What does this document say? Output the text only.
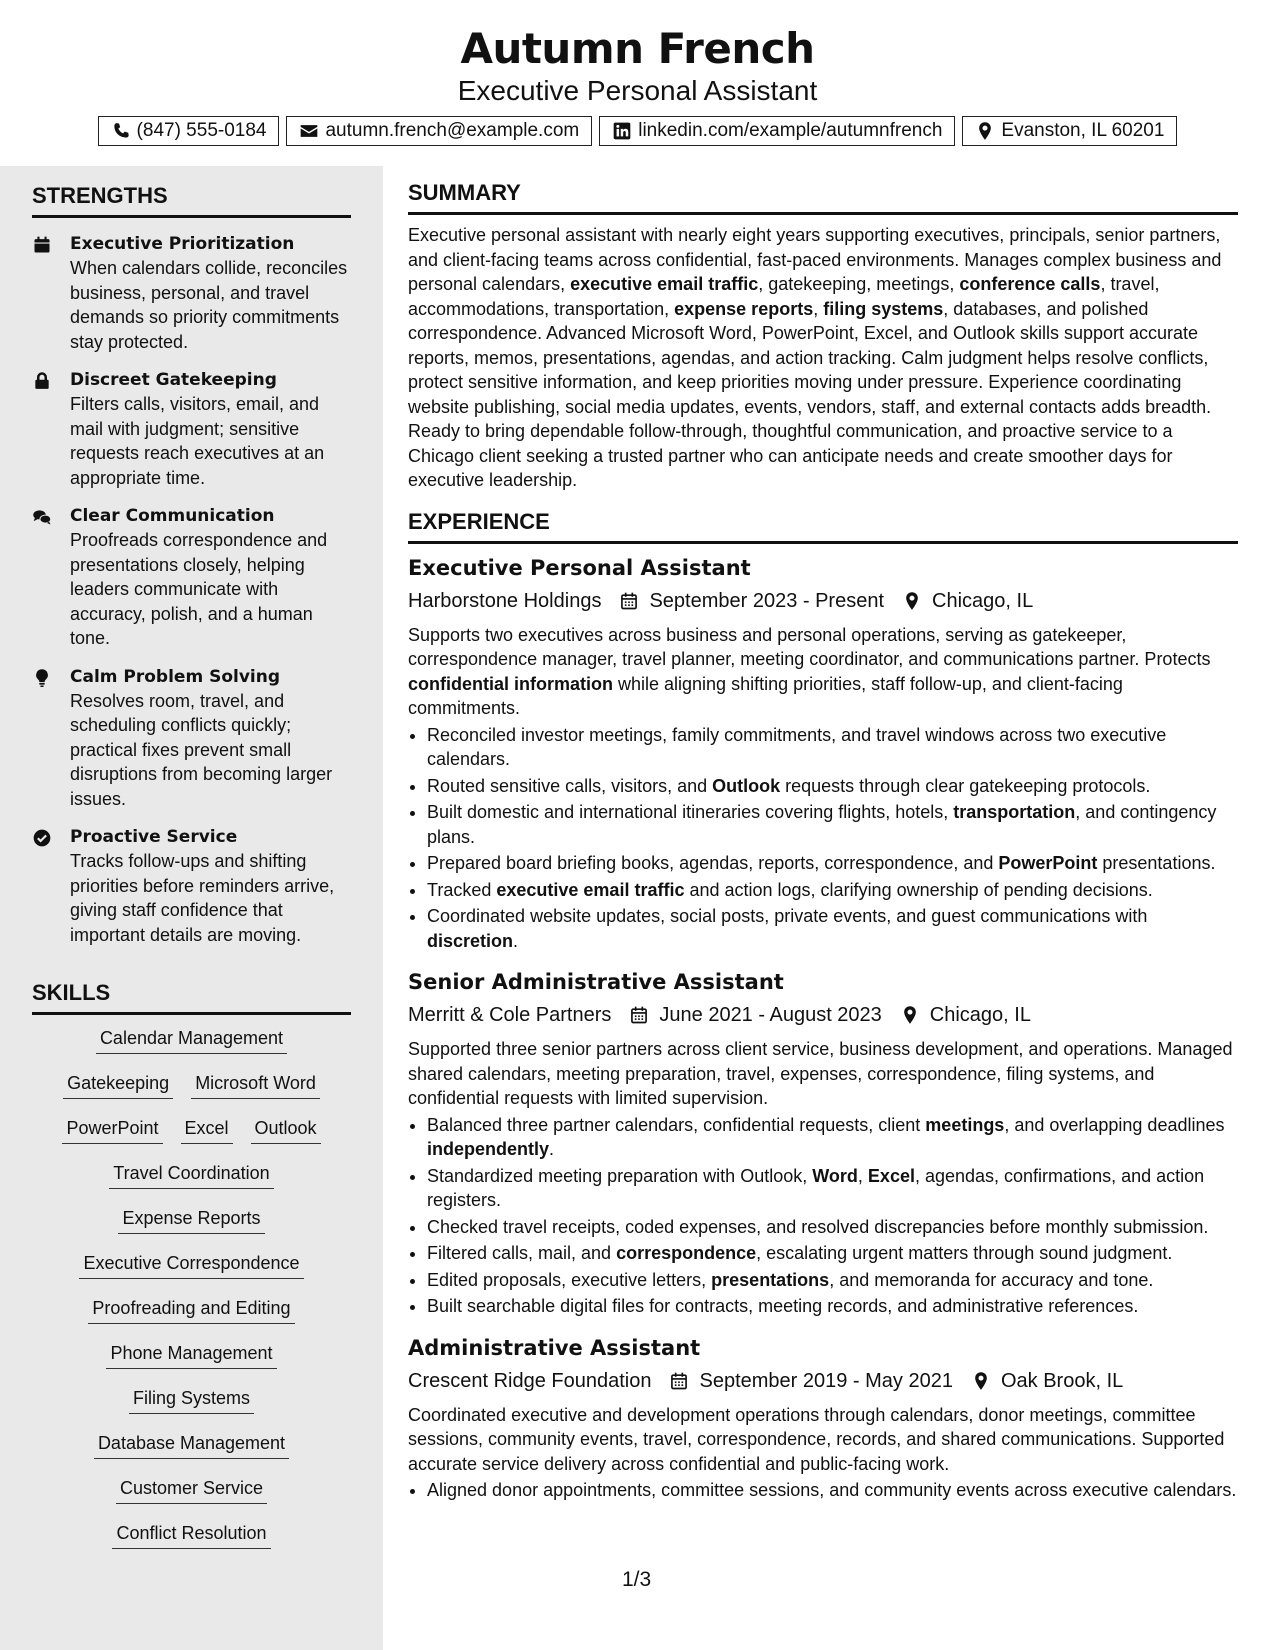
Autumn French
Executive Personal Assistant
(847) 555-0184	autumn.french@example.com	linkedin.com/example/autumnfrench	Evanston, IL 60201
STRENGTHS
Executive Prioritization
When calendars collide, reconciles business, personal, and travel demands so priority commitments stay protected.
Discreet Gatekeeping
Filters calls, visitors, email, and mail with judgment; sensitive requests reach executives at an appropriate time.
Clear Communication
Proofreads correspondence and presentations closely, helping leaders communicate with accuracy, polish, and a human tone.
Calm Problem Solving
Resolves room, travel, and scheduling conflicts quickly; practical fixes prevent small disruptions from becoming larger issues.
Proactive Service
Tracks follow-ups and shifting priorities before reminders arrive, giving staff confidence that important details are moving.
SKILLS
Calendar Management
Gatekeeping Microsoft Word
PowerPoint Excel Outlook
Travel Coordination
Expense Reports
Executive Correspondence
Proofreading and Editing
Phone Management
Filing Systems
Database Management
Customer Service
Conflict Resolution
SUMMARY
Executive personal assistant with nearly eight years supporting executives, principals, senior partners, and client-facing teams across confidential, fast-paced environments. Manages complex business and personal calendars, executive email traffic, gatekeeping, meetings, conference calls, travel, accommodations, transportation, expense reports, filing systems, databases, and polished correspondence. Advanced Microsoft Word, PowerPoint, Excel, and Outlook skills support accurate reports, memos, presentations, agendas, and action tracking. Calm judgment helps resolve conflicts, protect sensitive information, and keep priorities moving under pressure. Experience coordinating website publishing, social media updates, events, vendors, staff, and external contacts adds breadth. Ready to bring dependable follow-through, thoughtful communication, and proactive service to a Chicago client seeking a trusted partner who can anticipate needs and create smoother days for executive leadership.
EXPERIENCE
Executive Personal Assistant
Harborstone Holdings September 2023 - Present Chicago, IL
Supports two executives across business and personal operations, serving as gatekeeper, correspondence manager, travel planner, meeting coordinator, and communications partner. Protects confidential information while aligning shifting priorities, staff follow-up, and client-facing commitments.
• Reconciled investor meetings, family commitments, and travel windows across two executive calendars.
• Routed sensitive calls, visitors, and Outlook requests through clear gatekeeping protocols.
• Built domestic and international itineraries covering flights, hotels, transportation, and contingency plans.
• Prepared board briefing books, agendas, reports, correspondence, and PowerPoint presentations.
• Tracked executive email traffic and action logs, clarifying ownership of pending decisions.
• Coordinated website updates, social posts, private events, and guest communications with discretion.
Senior Administrative Assistant
Merritt & Cole Partners June 2021 - August 2023 Chicago, IL
Supported three senior partners across client service, business development, and operations. Managed shared calendars, meeting preparation, travel, expenses, correspondence, filing systems, and confidential requests with limited supervision.
• Balanced three partner calendars, confidential requests, client meetings, and overlapping deadlines independently.
• Standardized meeting preparation with Outlook, Word, Excel, agendas, confirmations, and action registers.
• Checked travel receipts, coded expenses, and resolved discrepancies before monthly submission.
• Filtered calls, mail, and correspondence, escalating urgent matters through sound judgment.
• Edited proposals, executive letters, presentations, and memoranda for accuracy and tone.
• Built searchable digital files for contracts, meeting records, and administrative references.
Administrative Assistant
Crescent Ridge Foundation September 2019 - May 2021 Oak Brook, IL
Coordinated executive and development operations through calendars, donor meetings, committee sessions, community events, travel, correspondence, records, and shared communications. Supported accurate service delivery across confidential and public-facing work.
• Aligned donor appointments, committee sessions, and community events across executive calendars.
1/3
